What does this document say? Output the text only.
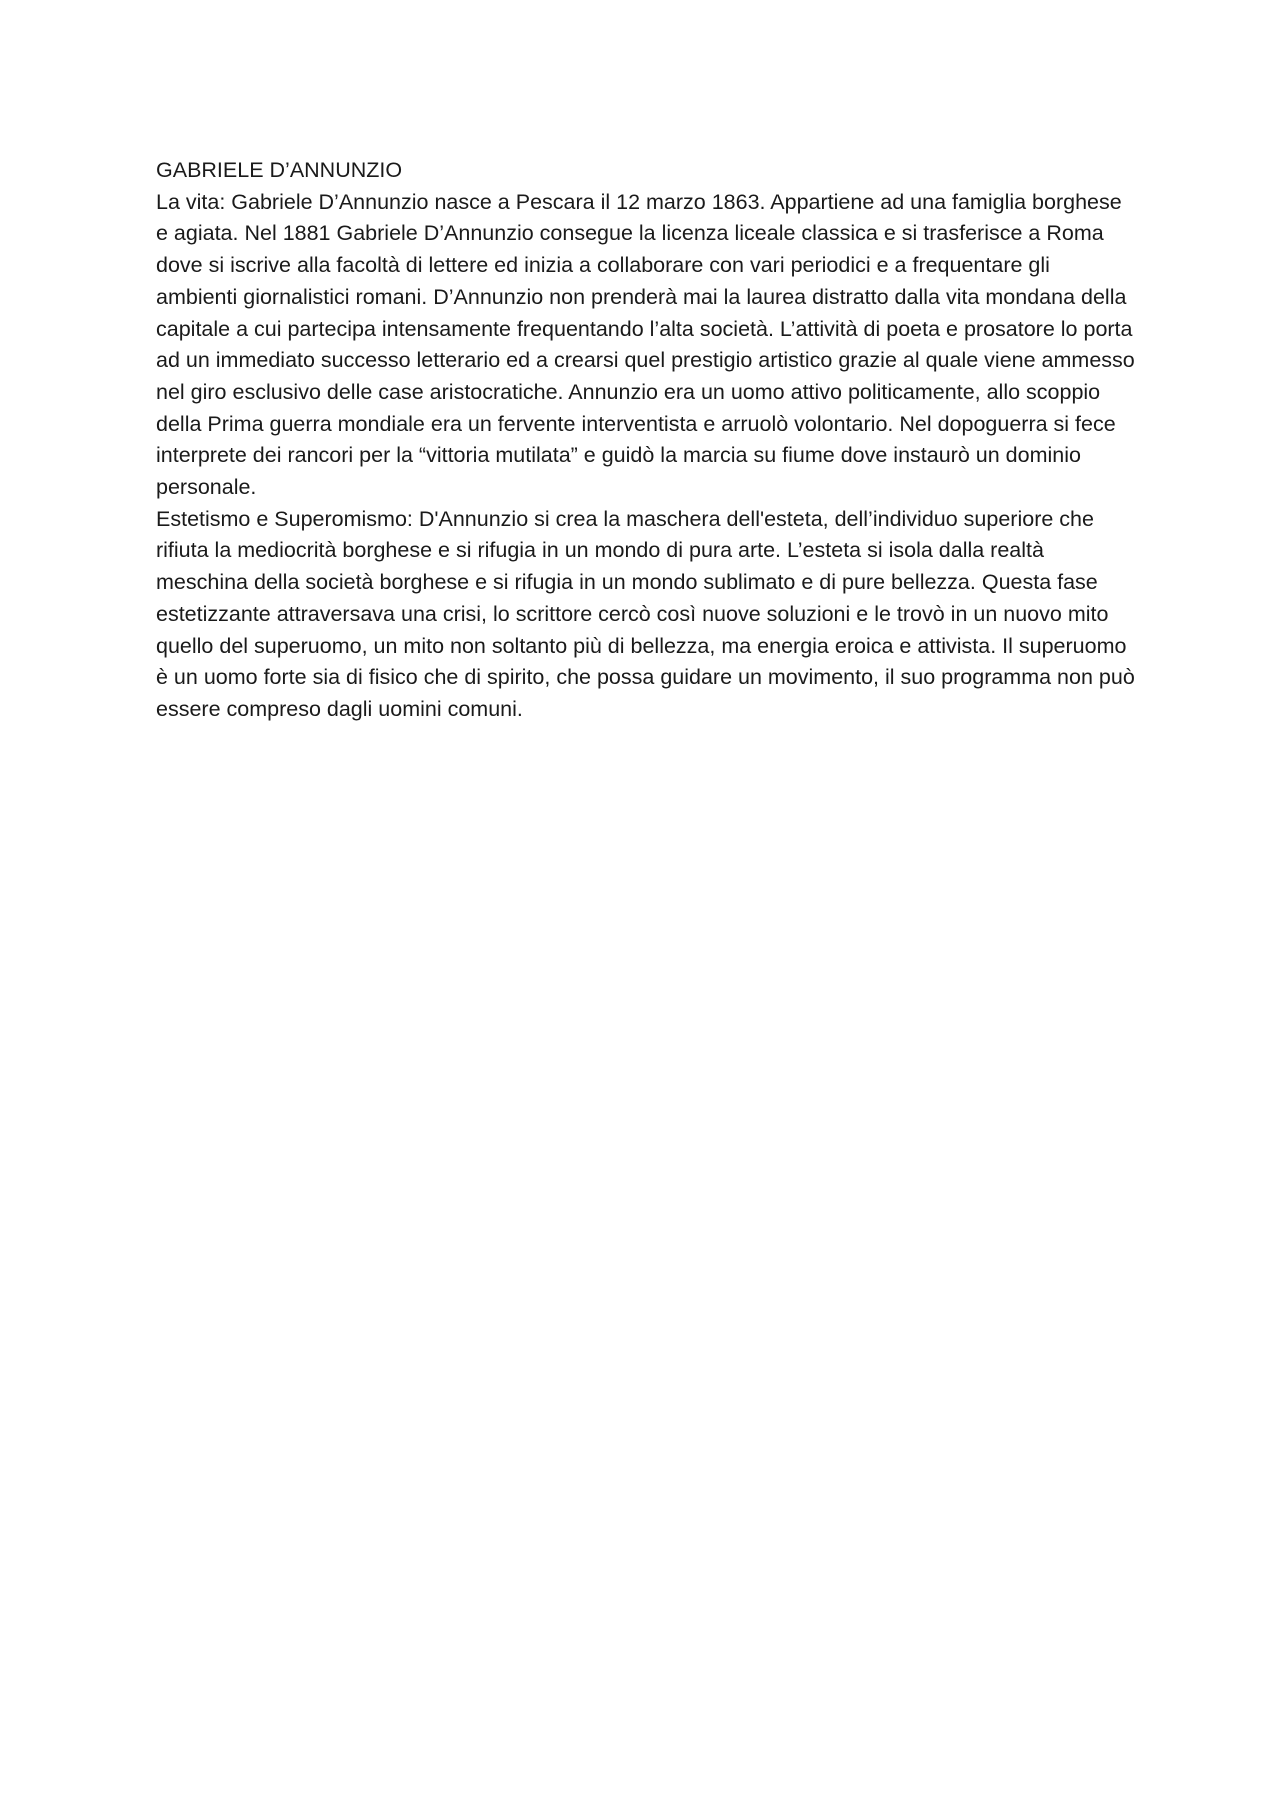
GABRIELE D’ANNUNZIO

La vita: Gabriele D’Annunzio nasce a Pescara il 12 marzo 1863. Appartiene ad una famiglia borghese e agiata. Nel 1881 Gabriele D’Annunzio consegue la licenza liceale classica e si trasferisce a Roma dove si iscrive alla facoltà di lettere ed inizia a collaborare con vari periodici e a frequentare gli ambienti giornalistici romani. D’Annunzio non prenderà mai la laurea distratto dalla vita mondana della capitale a cui partecipa intensamente frequentando l’alta società. L’attività di poeta e prosatore lo porta ad un immediato successo letterario ed a crearsi quel prestigio artistico grazie al quale viene ammesso nel giro esclusivo delle case aristocratiche. Annunzio era un uomo attivo politicamente, allo scoppio della Prima guerra mondiale era un fervente interventista e arruolò volontario. Nel dopoguerra si fece interprete dei rancori per la “vittoria mutilata” e guidò la marcia su fiume dove instaurò un dominio personale.

Estetismo e Superomismo: D'Annunzio si crea la maschera dell'esteta, dell’individuo superiore che rifiuta la mediocrità borghese e si rifugia in un mondo di pura arte. L’esteta si isola dalla realtà meschina della società borghese e si rifugia in un mondo sublimato e di pure bellezza. Questa fase estetizzante attraversava una crisi, lo scrittore cercò così nuove soluzioni e le trovò in un nuovo mito quello del superuomo, un mito non soltanto più di bellezza, ma energia eroica e attivista. Il superuomo è un uomo forte sia di fisico che di spirito, che possa guidare un movimento, il suo programma non può essere compreso dagli uomini comuni.
